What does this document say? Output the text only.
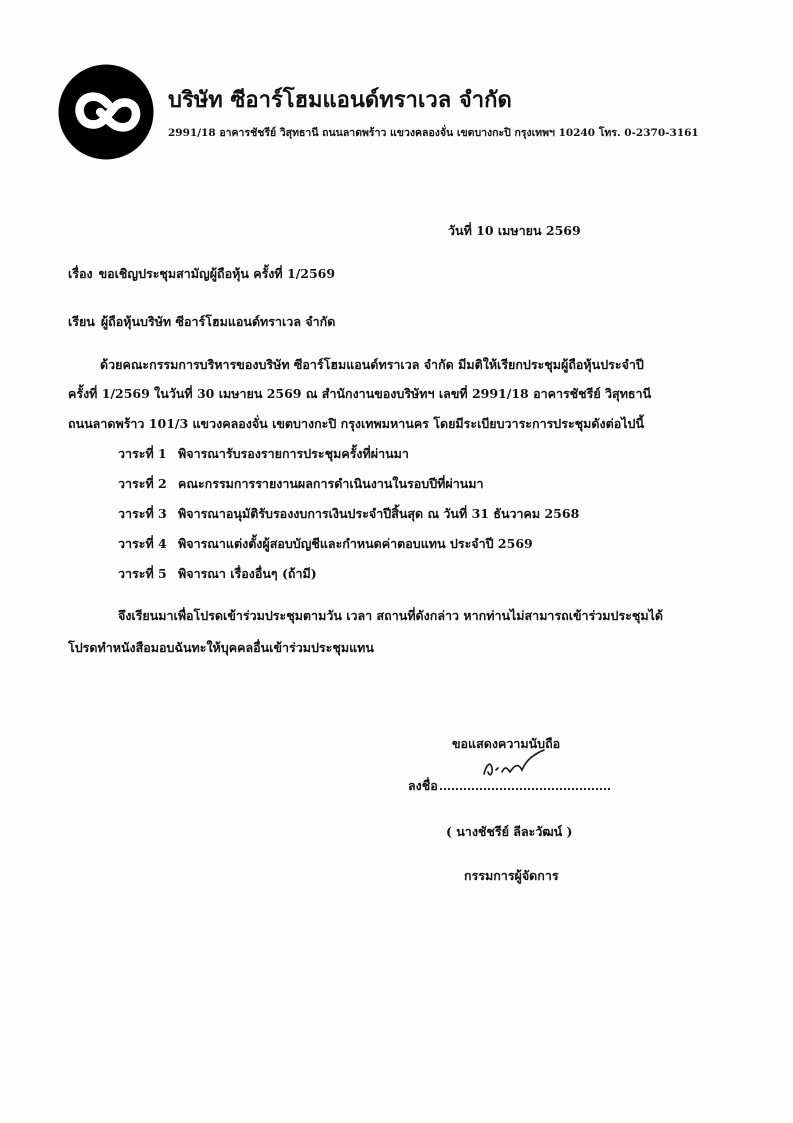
บริษัท ซีอาร์โฮมแอนด์ทราเวล จำกัด
2991/18 อาคารชัชรีย์ วิสุทธานี ถนนลาดพร้าว แขวงคลองจั่น เขตบางกะปิ กรุงเทพฯ 10240 โทร. 0-2370-3161
วันที่ 10 เมษายน 2569
เรื่อง ขอเชิญประชุมสามัญผู้ถือหุ้น ครั้งที่ 1/2569
เรียน ผู้ถือหุ้นบริษัท ซีอาร์โฮมแอนด์ทราเวล จำกัด
ด้วยคณะกรรมการบริหารของบริษัท ซีอาร์โฮมแอนด์ทราเวล จำกัด มีมติให้เรียกประชุมผู้ถือหุ้นประจำปี
ครั้งที่ 1/2569 ในวันที่ 30 เมษายน 2569 ณ สำนักงานของบริษัทฯ เลขที่ 2991/18 อาคารชัชรีย์ วิสุทธานี
ถนนลาดพร้าว 101/3 แขวงคลองจั่น เขตบางกะปิ กรุงเทพมหานคร โดยมีระเบียบวาระการประชุมดังต่อไปนี้
วาระที่ 1 พิจารณารับรองรายการประชุมครั้งที่ผ่านมา
วาระที่ 2 คณะกรรมการรายงานผลการดำเนินงานในรอบปีที่ผ่านมา
วาระที่ 3 พิจารณาอนุมัติรับรองงบการเงินประจำปีสิ้นสุด ณ วันที่ 31 ธันวาคม 2568
วาระที่ 4 พิจารณาแต่งตั้งผู้สอบบัญชีและกำหนดค่าตอบแทน ประจำปี 2569
วาระที่ 5 พิจารณา เรื่องอื่นๆ (ถ้ามี)
จึงเรียนมาเพื่อโปรดเข้าร่วมประชุมตามวัน เวลา สถานที่ดังกล่าว หากท่านไม่สามารถเข้าร่วมประชุมได้
โปรดทำหนังสือมอบฉันทะให้บุคคลอื่นเข้าร่วมประชุมแทน
ขอแสดงความนับถือ
ลงชื่อ
( นางชัชรีย์ ลีละวัฒน์ )
กรรมการผู้จัดการ
